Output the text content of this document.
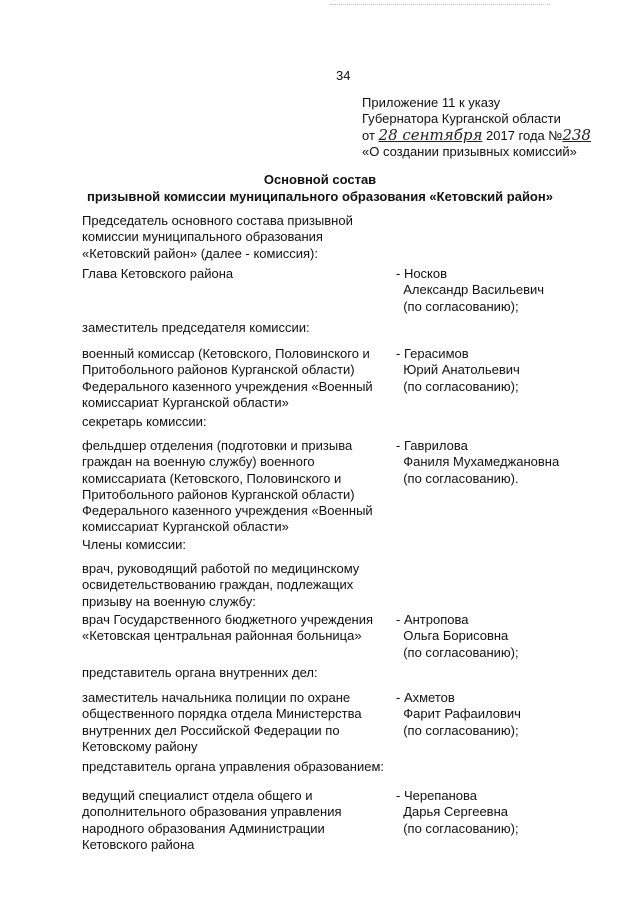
34
Приложение 11 к указу
Губернатора Курганской области
от 28 сентября 2017 года №238
«О создании призывных комиссий»
Основной состав
призывной комиссии муниципального образования «Кетовский район»
Председатель основного состава призывной
комиссии муниципального образования
«Кетовский район» (далее - комиссия):
Глава Кетовского района	- Носков
Александр Васильевич
(по согласованию);
заместитель председателя комиссии:
военный комиссар (Кетовского, Половинского и
Притобольного районов Курганской области)
Федерального казенного учреждения «Военный
комиссариат Курганской области»
- Герасимов
Юрий Анатольевич
(по согласованию);
секретарь комиссии:
фельдшер отделения (подготовки и призыва
граждан на военную службу) военного
комиссариата (Кетовского, Половинского и
Притобольного районов Курганской области)
Федерального казенного учреждения «Военный
комиссариат Курганской области»
- Гаврилова
Фаниля Мухамеджановна
(по согласованию).
Члены комиссии:
врач, руководящий работой по медицинскому
освидетельствованию граждан, подлежащих
призыву на военную службу:
врач Государственного бюджетного учреждения
«Кетовская центральная районная больница»
- Антропова
Ольга Борисовна
(по согласованию);
представитель органа внутренних дел:
заместитель начальника полиции по охране
общественного порядка отдела Министерства
внутренних дел Российской Федерации по
Кетовскому району
- Ахметов
Фарит Рафаилович
(по согласованию);
представитель органа управления образованием:
ведущий специалист отдела общего и
дополнительного образования управления
народного образования Администрации
Кетовского района
- Черепанова
Дарья Сергеевна
(по согласованию);
